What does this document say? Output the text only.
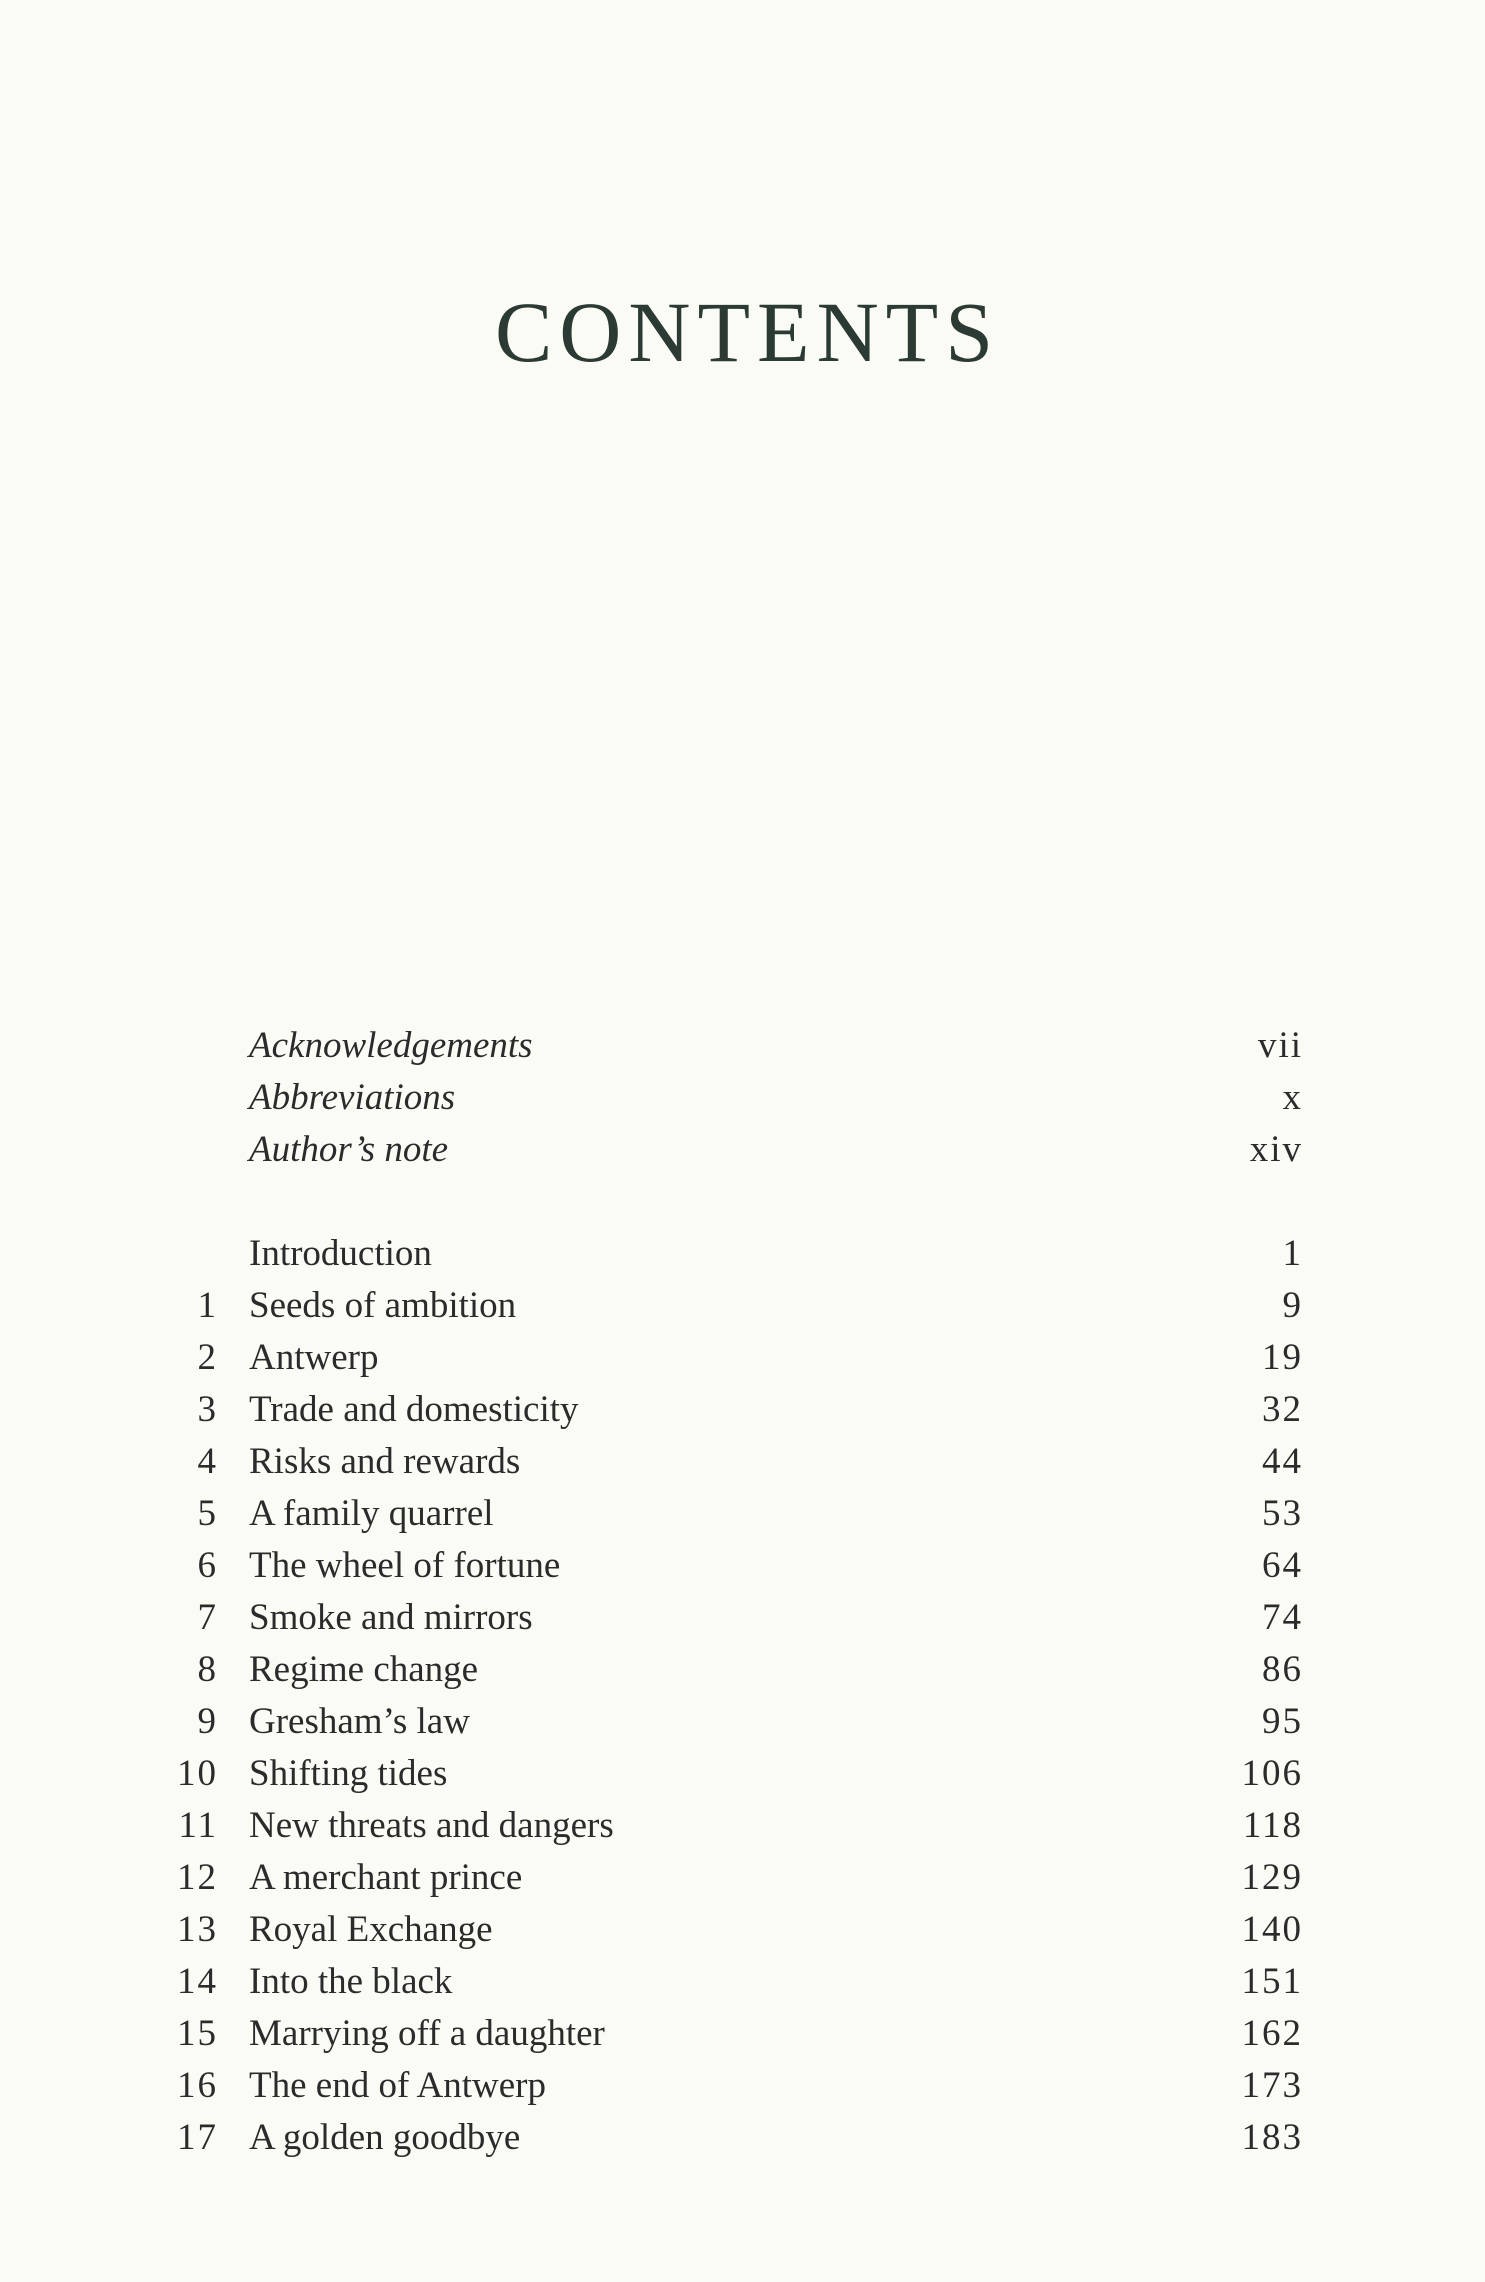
CONTENTS
Acknowledgements	vii
Abbreviations	x
Author’s note	xiv
Introduction	1
1 Seeds of ambition	9
2 Antwerp	19
3 Trade and domesticity	32
4 Risks and rewards	44
5 A family quarrel	53
6 The wheel of fortune	64
7 Smoke and mirrors	74
8 Regime change	86
9 Gresham’s law	95
10 Shifting tides	106
11 New threats and dangers	118
12 A merchant prince	129
13 Royal Exchange	140
14 Into the black	151
15 Marrying off a daughter	162
16 The end of Antwerp	173
17 A golden goodbye	183
